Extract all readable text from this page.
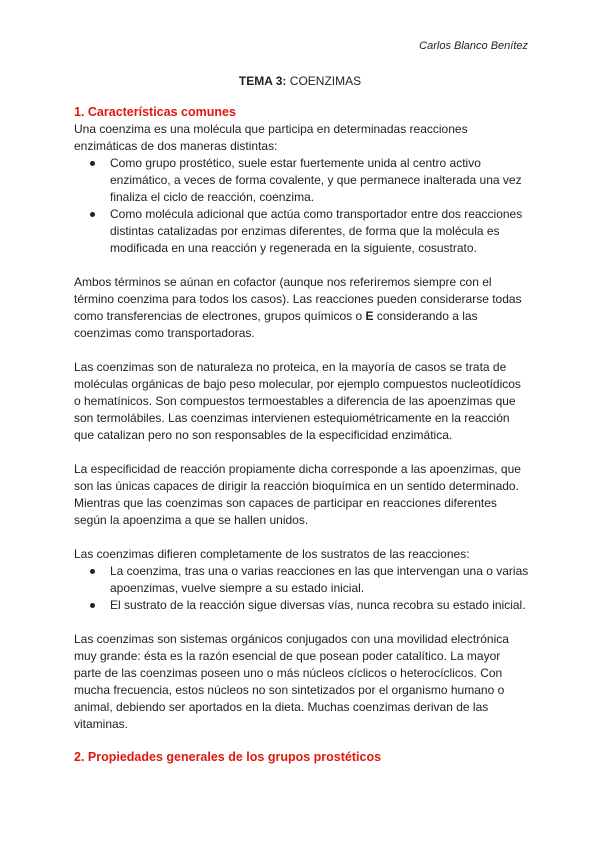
Carlos Blanco Benítez
TEMA 3: COENZIMAS
1. Características comunes

Una coenzima es una molécula que participa en determinadas reacciones enzimáticas de dos maneras distintas:

Como grupo prostético, suele estar fuertemente unida al centro activo enzimático, a veces de forma covalente, y que permanece inalterada una vez finaliza el ciclo de reacción, coenzima.
Como molécula adicional que actúa como transportador entre dos reacciones distintas catalizadas por enzimas diferentes, de forma que la molécula es modificada en una reacción y regenerada en la siguiente, cosustrato.

Ambos términos se aúnan en cofactor (aunque nos referiremos siempre con el término coenzima para todos los casos). Las reacciones pueden considerarse todas como transferencias de electrones, grupos químicos o E considerando a las coenzimas como transportadoras.

Las coenzimas son de naturaleza no proteica, en la mayoría de casos se trata de moléculas orgánicas de bajo peso molecular, por ejemplo compuestos nucleotídicos o hematínicos. Son compuestos termoestables a diferencia de las apoenzimas que son termolábiles. Las coenzimas intervienen estequiométricamente en la reacción que catalizan pero no son responsables de la especificidad enzimática.

La especificidad de reacción propiamente dicha corresponde a las apoenzimas, que son las únicas capaces de dirigir la reacción bioquímica en un sentido determinado. Mientras que las coenzimas son capaces de participar en reacciones diferentes según la apoenzima a que se hallen unidos.

Las coenzimas difieren completamente de los sustratos de las reacciones:

La coenzima, tras una o varias reacciones en las que intervengan una o varias apoenzimas, vuelve siempre a su estado inicial.
El sustrato de la reacción sigue diversas vías, nunca recobra su estado inicial.

Las coenzimas son sistemas orgánicos conjugados con una movilidad electrónica muy grande: ésta es la razón esencial de que posean poder catalítico. La mayor parte de las coenzimas poseen uno o más núcleos cíclicos o heterocíclicos. Con mucha frecuencia, estos núcleos no son sintetizados por el organismo humano o animal, debiendo ser aportados en la dieta. Muchas coenzimas derivan de las vitaminas.

2. Propiedades generales de los grupos prostéticos
